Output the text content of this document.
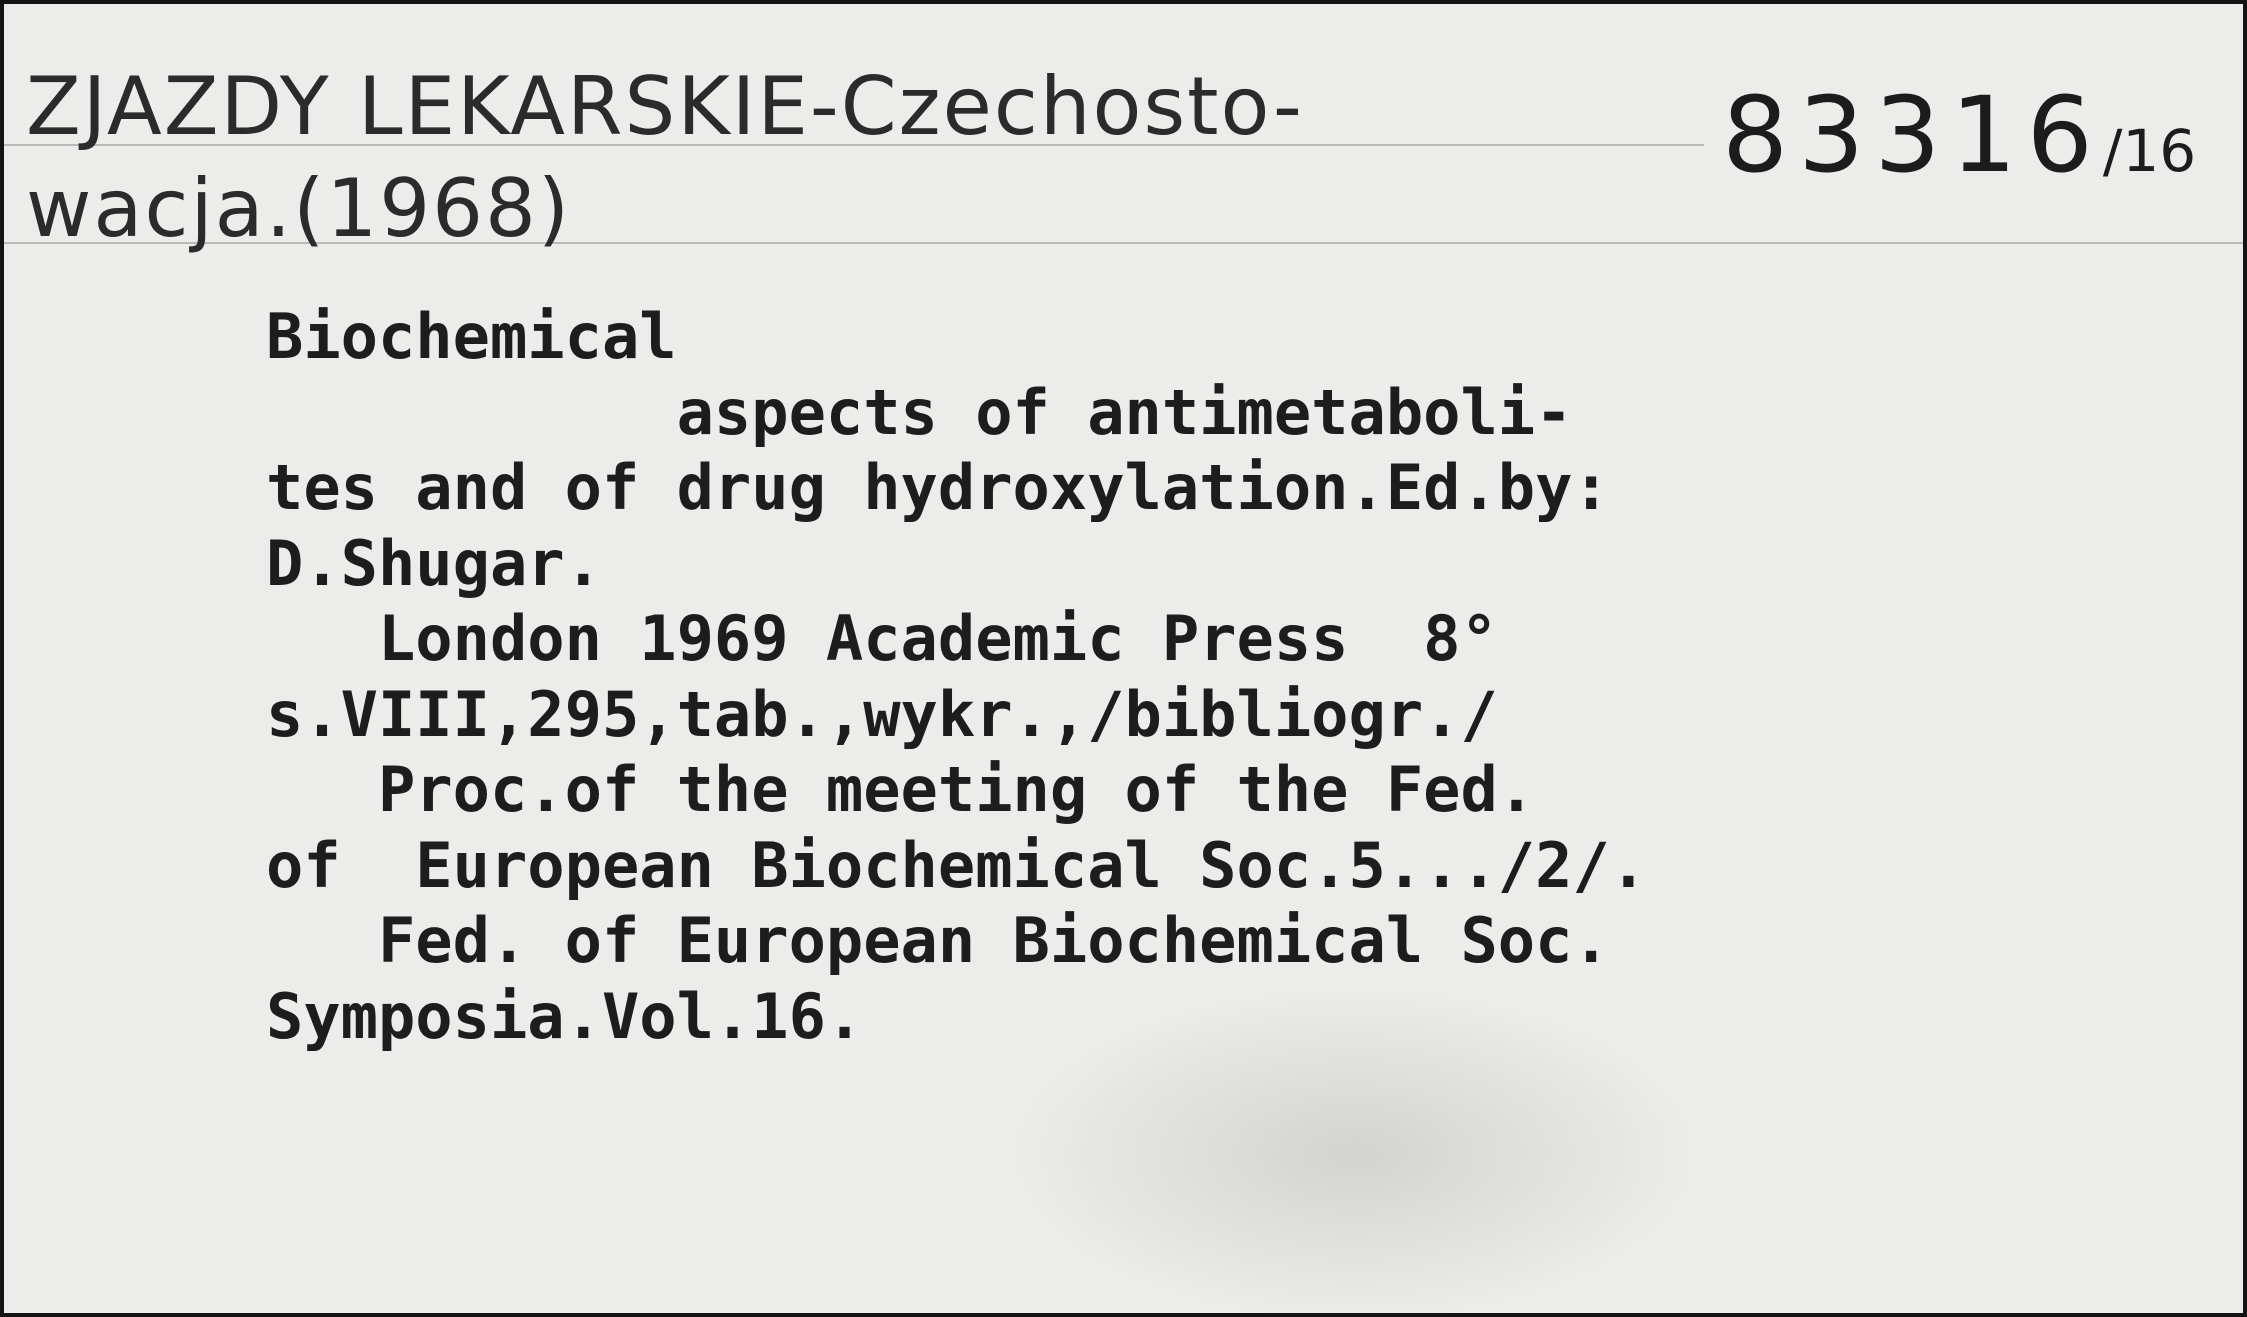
ZJAZDY LEKARSKIE-Czechosto-
wacja.(1968)
83316/16
Biochemical
aspects of antimetaboli-
tes and of drug hydroxylation.Ed.by:
D.Shugar.
London 1969 Academic Press  8°
s.VIII,295,tab.,wykr.,/bibliogr./
Proc.of the meeting of the Fed.
of  European Biochemical Soc.5.../2/.
Fed. of European Biochemical Soc.
Symposia.Vol.16.
